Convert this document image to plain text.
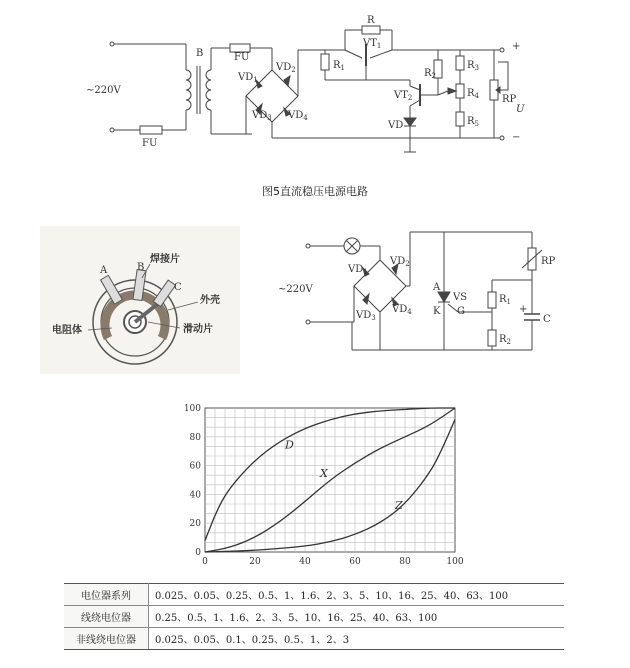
~220V
B	FU
FU
$VD_1$
$VD_2$
$VD_3$ $VD_4$
R
$VT_1$
$R_1$	$R_2$
$VT_2$
VD
$R_3$
$R_4$
$R_5$
RP
+
−
U
A	B
C
焊接片
外壳
电阻体	滑动片
~220V
$VD_1$
$VD_2$
$VD_3$
$VD_4$
A
K
VS
G
RP
$R_1$
$R_2$
C
+
0	20	40	60	80	100
0
20
40
60
80
100
D
X
Z
图5直流稳压电源电路
电位器系列	0.025、0.05、0.25、0.5、1、1.6、2、3、5、10、16、25、40、63、100
线绕电位器	0.25、0.5、1、1.6、2、3、5、10、16、25、40、63、100
非线绕电位器	0.025、0.05、0.1、0.25、0.5、1、2、3
